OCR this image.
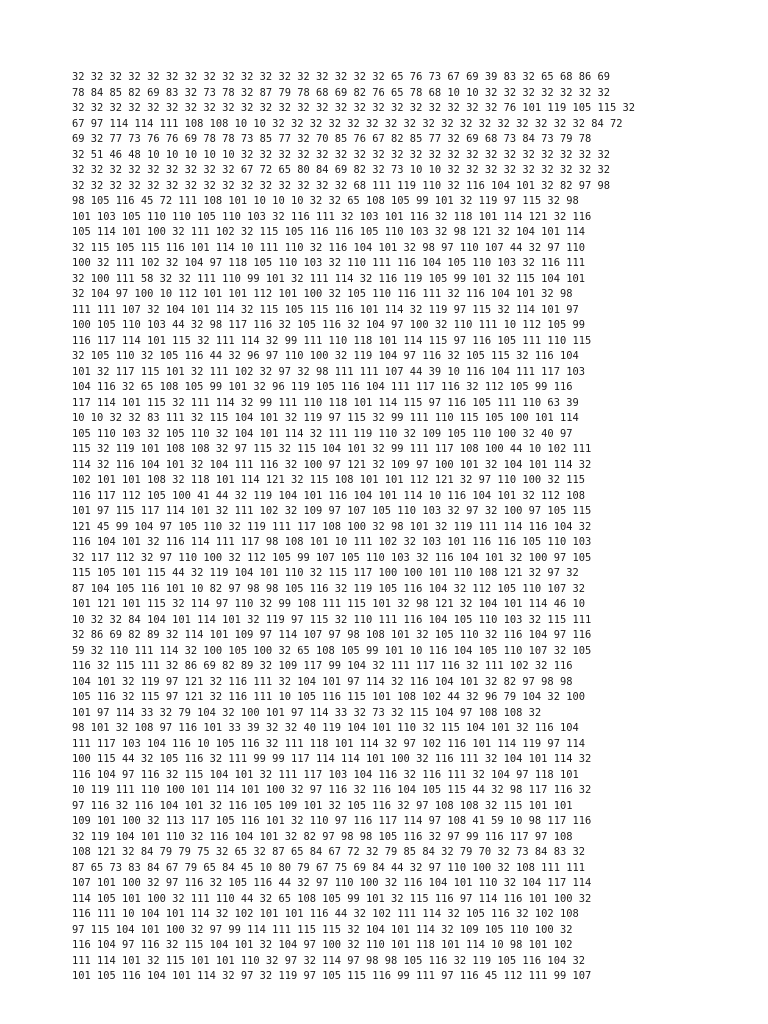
32 32 32 32 32 32 32 32 32 32 32 32 32 32 32 32 32 65 76 73 67 69 39 83 32 65 68 86 69
78 84 85 82 69 83 32 73 78 32 87 79 78 68 69 82 76 65 78 68 10 10 32 32 32 32 32 32 32
32 32 32 32 32 32 32 32 32 32 32 32 32 32 32 32 32 32 32 32 32 32 32 76 101 119 105 115 32
67 97 114 114 111 108 108 10 10 32 32 32 32 32 32 32 32 32 32 32 32 32 32 32 32 32 84 72
69 32 77 73 76 76 69 78 78 73 85 77 32 70 85 76 67 82 85 77 32 69 68 73 84 73 79 78
32 51 46 48 10 10 10 10 10 32 32 32 32 32 32 32 32 32 32 32 32 32 32 32 32 32 32 32 32
32 32 32 32 32 32 32 32 32 67 72 65 80 84 69 82 32 73 10 10 32 32 32 32 32 32 32 32 32
32 32 32 32 32 32 32 32 32 32 32 32 32 32 32 68 111 119 110 32 116 104 101 32 82 97 98
98 105 116 45 72 111 108 101 10 10 10 32 32 65 108 105 99 101 32 119 97 115 32 98
101 103 105 110 110 105 110 103 32 116 111 32 103 101 116 32 118 101 114 121 32 116
105 114 101 100 32 111 102 32 115 105 116 116 105 110 103 32 98 121 32 104 101 114
32 115 105 115 116 101 114 10 111 110 32 116 104 101 32 98 97 110 107 44 32 97 110
100 32 111 102 32 104 97 118 105 110 103 32 110 111 116 104 105 110 103 32 116 111
32 100 111 58 32 32 111 110 99 101 32 111 114 32 116 119 105 99 101 32 115 104 101
32 104 97 100 10 112 101 101 112 101 100 32 105 110 116 111 32 116 104 101 32 98
111 111 107 32 104 101 114 32 115 105 115 116 101 114 32 119 97 115 32 114 101 97
100 105 110 103 44 32 98 117 116 32 105 116 32 104 97 100 32 110 111 10 112 105 99
116 117 114 101 115 32 111 114 32 99 111 110 118 101 114 115 97 116 105 111 110 115
32 105 110 32 105 116 44 32 96 97 110 100 32 119 104 97 116 32 105 115 32 116 104
101 32 117 115 101 32 111 102 32 97 32 98 111 111 107 44 39 10 116 104 111 117 103
104 116 32 65 108 105 99 101 32 96 119 105 116 104 111 117 116 32 112 105 99 116
117 114 101 115 32 111 114 32 99 111 110 118 101 114 115 97 116 105 111 110 63 39
10 10 32 32 83 111 32 115 104 101 32 119 97 115 32 99 111 110 115 105 100 101 114
105 110 103 32 105 110 32 104 101 114 32 111 119 110 32 109 105 110 100 32 40 97
115 32 119 101 108 108 32 97 115 32 115 104 101 32 99 111 117 108 100 44 10 102 111
114 32 116 104 101 32 104 111 116 32 100 97 121 32 109 97 100 101 32 104 101 114 32
102 101 101 108 32 118 101 114 121 32 115 108 101 101 112 121 32 97 110 100 32 115
116 117 112 105 100 41 44 32 119 104 101 116 104 101 114 10 116 104 101 32 112 108
101 97 115 117 114 101 32 111 102 32 109 97 107 105 110 103 32 97 32 100 97 105 115
121 45 99 104 97 105 110 32 119 111 117 108 100 32 98 101 32 119 111 114 116 104 32
116 104 101 32 116 114 111 117 98 108 101 10 111 102 32 103 101 116 116 105 110 103
32 117 112 32 97 110 100 32 112 105 99 107 105 110 103 32 116 104 101 32 100 97 105
115 105 101 115 44 32 119 104 101 110 32 115 117 100 100 101 110 108 121 32 97 32
87 104 105 116 101 10 82 97 98 98 105 116 32 119 105 116 104 32 112 105 110 107 32
101 121 101 115 32 114 97 110 32 99 108 111 115 101 32 98 121 32 104 101 114 46 10
10 32 32 84 104 101 114 101 32 119 97 115 32 110 111 116 104 105 110 103 32 115 111
32 86 69 82 89 32 114 101 109 97 114 107 97 98 108 101 32 105 110 32 116 104 97 116
59 32 110 111 114 32 100 105 100 32 65 108 105 99 101 10 116 104 105 110 107 32 105
116 32 115 111 32 86 69 82 89 32 109 117 99 104 32 111 117 116 32 111 102 32 116
104 101 32 119 97 121 32 116 111 32 104 101 97 114 32 116 104 101 32 82 97 98 98
105 116 32 115 97 121 32 116 111 10 105 116 115 101 108 102 44 32 96 79 104 32 100
101 97 114 33 32 79 104 32 100 101 97 114 33 32 73 32 115 104 97 108 108 32
98 101 32 108 97 116 101 33 39 32 32 40 119 104 101 110 32 115 104 101 32 116 104
111 117 103 104 116 10 105 116 32 111 118 101 114 32 97 102 116 101 114 119 97 114
100 115 44 32 105 116 32 111 99 99 117 114 114 101 100 32 116 111 32 104 101 114 32
116 104 97 116 32 115 104 101 32 111 117 103 104 116 32 116 111 32 104 97 118 101
10 119 111 110 100 101 114 101 100 32 97 116 32 116 104 105 115 44 32 98 117 116 32
97 116 32 116 104 101 32 116 105 109 101 32 105 116 32 97 108 108 32 115 101 101
109 101 100 32 113 117 105 116 101 32 110 97 116 117 114 97 108 41 59 10 98 117 116
32 119 104 101 110 32 116 104 101 32 82 97 98 98 105 116 32 97 99 116 117 97 108
108 121 32 84 79 79 75 32 65 32 87 65 84 67 72 32 79 85 84 32 79 70 32 73 84 83 32
87 65 73 83 84 67 79 65 84 45 10 80 79 67 75 69 84 44 32 97 110 100 32 108 111 111
107 101 100 32 97 116 32 105 116 44 32 97 110 100 32 116 104 101 110 32 104 117 114
114 105 101 100 32 111 110 44 32 65 108 105 99 101 32 115 116 97 114 116 101 100 32
116 111 10 104 101 114 32 102 101 101 116 44 32 102 111 114 32 105 116 32 102 108
97 115 104 101 100 32 97 99 114 111 115 115 32 104 101 114 32 109 105 110 100 32
116 104 97 116 32 115 104 101 32 104 97 100 32 110 101 118 101 114 10 98 101 102
111 114 101 32 115 101 101 110 32 97 32 114 97 98 98 105 116 32 119 105 116 104 32
101 105 116 104 101 114 32 97 32 119 97 105 115 116 99 111 97 116 45 112 111 99 107
